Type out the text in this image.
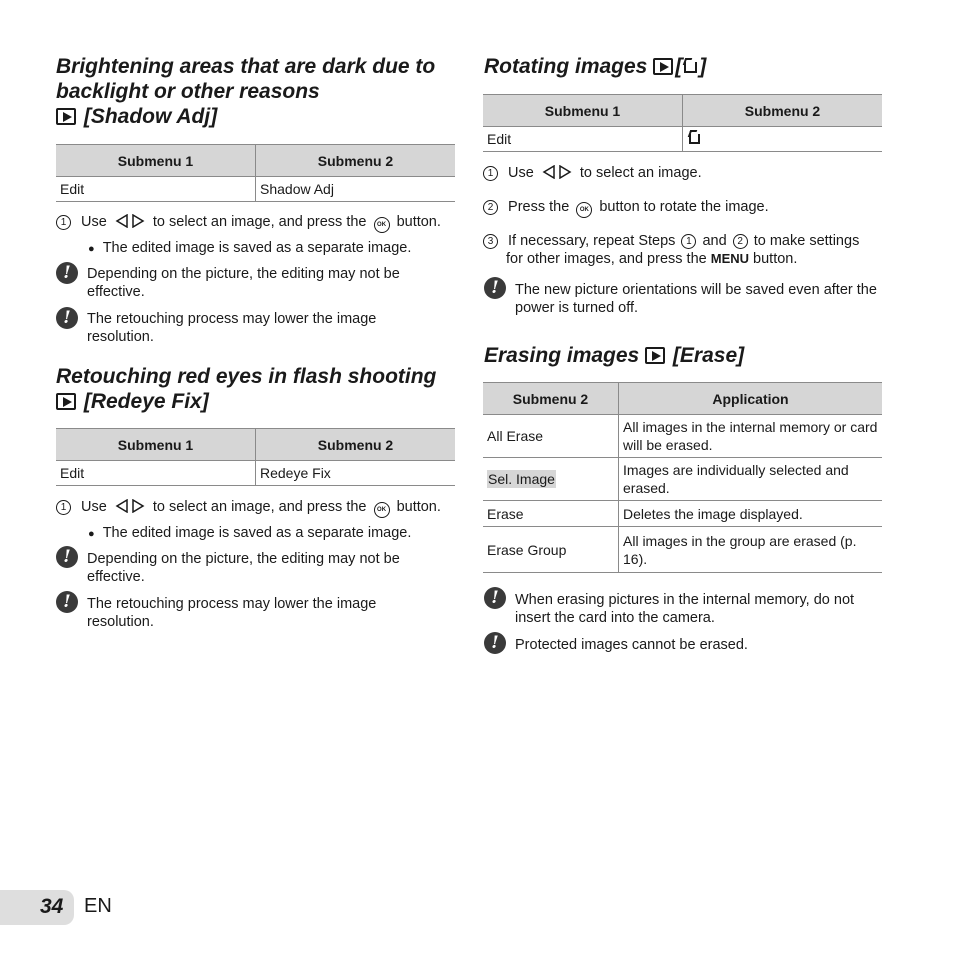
Brightening areas that are dark due to
backlight or other reasons
[Shadow Adj]
Submenu 1	Submenu 2
Edit	Shadow Adj
1 Use	to select an image, and press the OK button.
● The edited image is saved as a separate image.
!	Depending on the picture, the editing may not be effective.
!	The retouching process may lower the image resolution.
Retouching red eyes in flash shooting
[Redeye Fix]
Submenu 1	Submenu 2
Edit	Redeye Fix
1 Use	to select an image, and press the OK button.
● The edited image is saved as a separate image.
!	Depending on the picture, the editing may not be effective.
!	The retouching process may lower the image resolution.
Rotating images [ ]
Submenu 1	Submenu 2
Edit	
1 Use	to select an image.
2 Press the OK button to rotate the image.
3 If necessary, repeat Steps 1 and 2 to make settings
for other images, and press the MENU button.
!	The new picture orientations will be saved even after the power is turned off.
Erasing images [Erase]
Submenu 2	Application
All Erase	All images in the internal memory or card will be erased.
Sel. Image	Images are individually selected and erased.
Erase	Deletes the image displayed.
Erase Group	All images in the group are erased (p. 16).
!	When erasing pictures in the internal memory, do not insert the card into the camera.
!	Protected images cannot be erased.
34 EN
